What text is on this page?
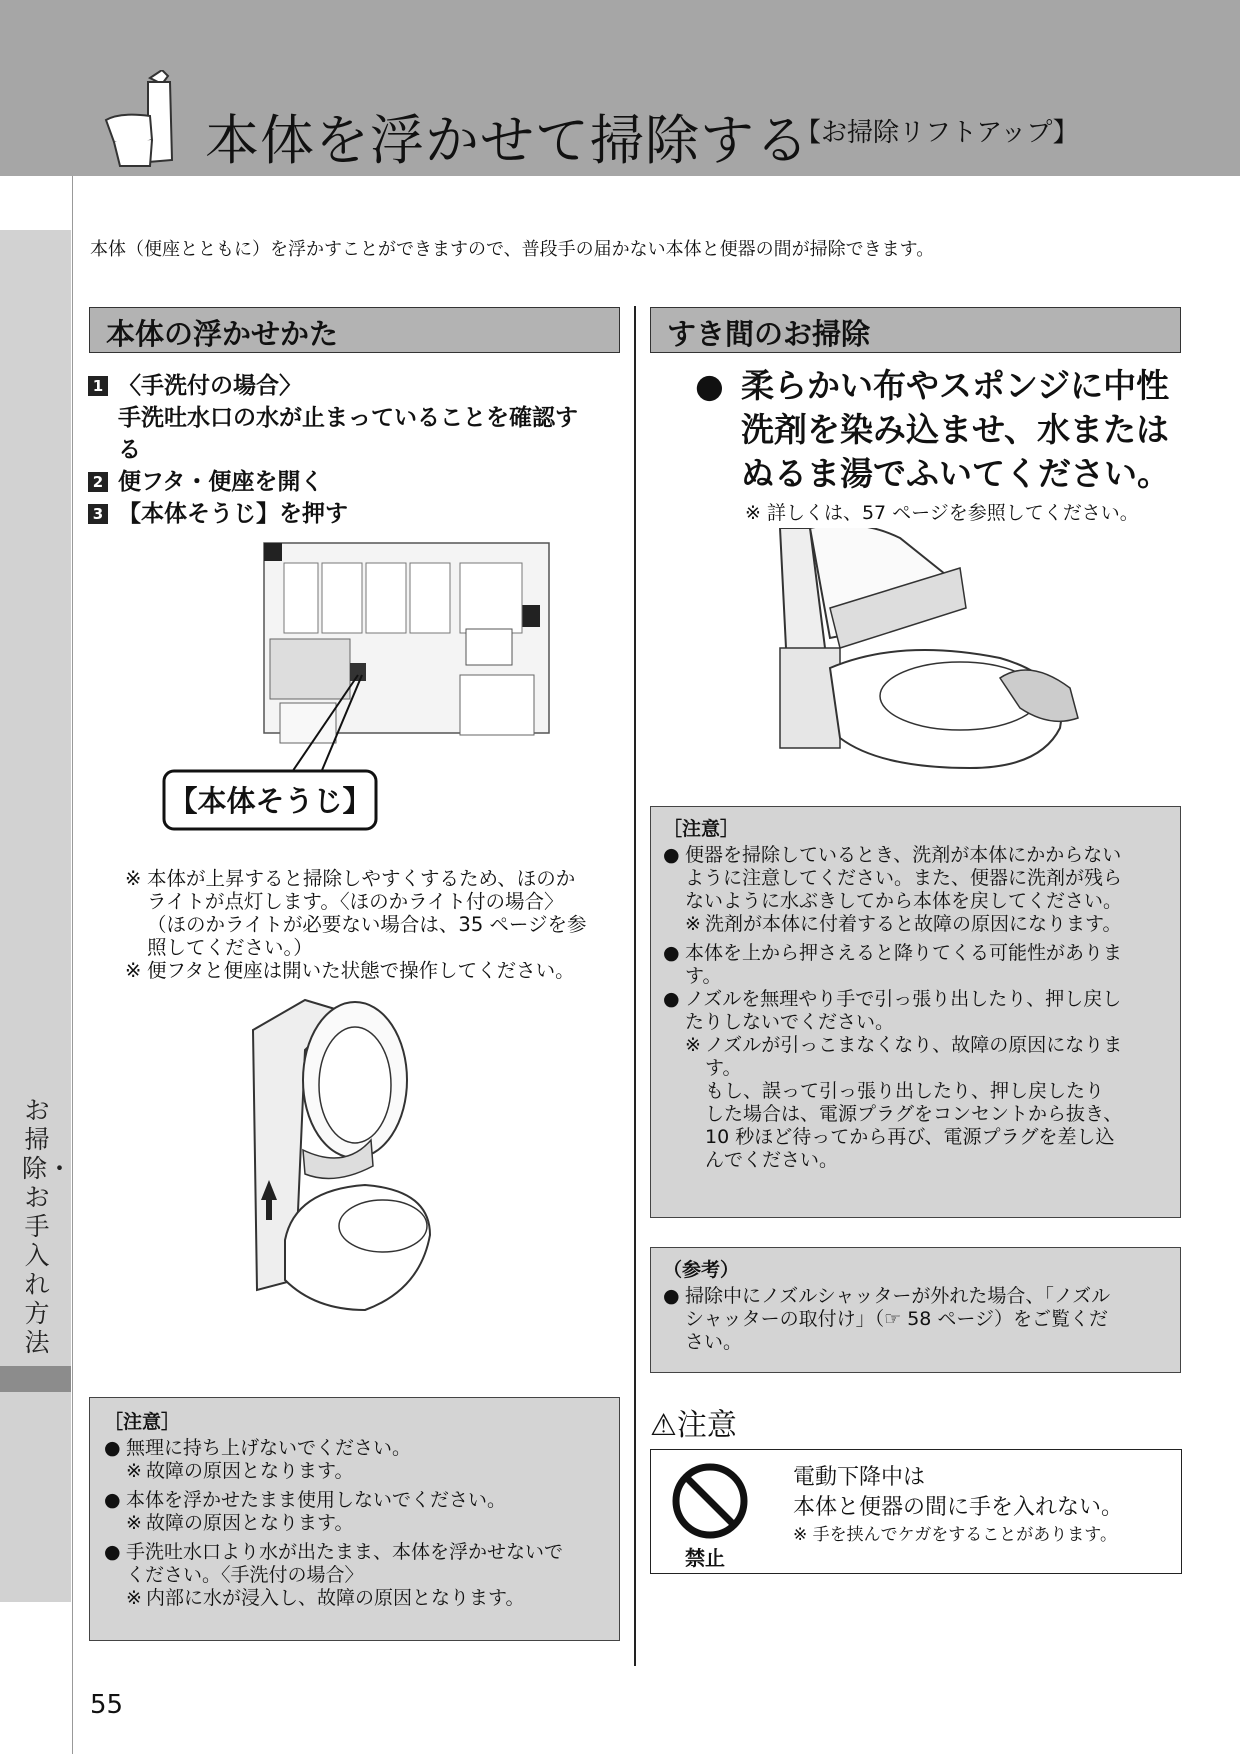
本体を浮かせて掃除する
【お掃除リフトアップ】
お掃除・お手入れ方法
本体（便座とともに）を浮かすことができますので、普段手の届かない本体と便器の間が掃除できます。
本体の浮かせかた
1 〈手洗付の場合〉
手洗吐水口の水が止まっていることを確認す
る
2 便フタ・便座を開く
3 【本体そうじ】を押す
【本体そうじ】
※ 本体が上昇すると掃除しやすくするため、ほのか
ライトが点灯します。〈ほのかライト付の場合〉
（ほのかライトが必要ない場合は、35 ページを参
照してください。）
※ 便フタと便座は開いた状態で操作してください。
［注意］
● 無理に持ち上げないでください。
※ 故障の原因となります。
● 本体を浮かせたまま使用しないでください。
※ 故障の原因となります。
● 手洗吐水口より水が出たまま、本体を浮かせないで
ください。〈手洗付の場合〉
※ 内部に水が浸入し、故障の原因となります。
すき間のお掃除
● 柔らかい布やスポンジに中性
洗剤を染み込ませ、水または
ぬるま湯でふいてください。
※ 詳しくは、57 ページを参照してください。
［注意］
● 便器を掃除しているとき、洗剤が本体にかからない
ように注意してください。また、便器に洗剤が残ら
ないように水ぶきしてから本体を戻してください。
※ 洗剤が本体に付着すると故障の原因になります。
● 本体を上から押さえると降りてくる可能性がありま
す。
● ノズルを無理やり手で引っ張り出したり、押し戻し
たりしないでください。
※ ノズルが引っこまなくなり、故障の原因になりま
す。
もし、誤って引っ張り出したり、押し戻したり
した場合は、電源プラグをコンセントから抜き、
10 秒ほど待ってから再び、電源プラグを差し込
んでください。
（参考）
● 掃除中にノズルシャッターが外れた場合、「ノズル
シャッターの取付け」（☞ 58 ページ）をご覧くだ
さい。
⚠注意
禁止
電動下降中は
本体と便器の間に手を入れない。
※ 手を挟んでケガをすることがあります。
55
